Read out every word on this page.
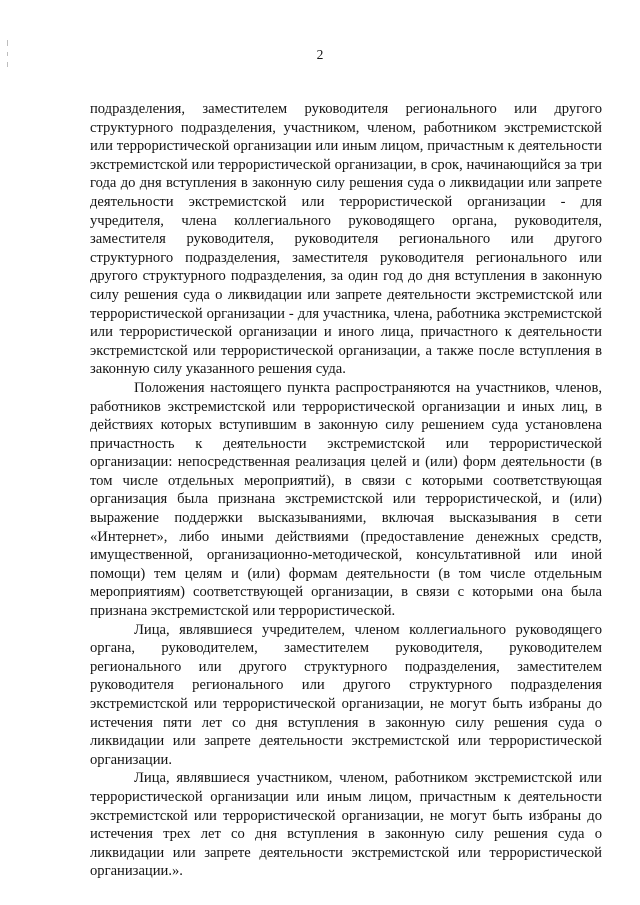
2

подразделения, заместителем руководителя регионального или другого структурного подразделения, участником, членом, работником экстремистской или террористической организации или иным лицом, причастным к деятельности экстремистской или террористической организации, в срок, начинающийся за три года до дня вступления в законную силу решения суда о ликвидации или запрете деятельности экстремистской или террористической организации - для учредителя, члена коллегиального руководящего органа, руководителя, заместителя руководителя, руководителя регионального или другого структурного подразделения, заместителя руководителя регионального или другого структурного подразделения, за один год до дня вступления в законную силу решения суда о ликвидации или запрете деятельности экстремистской или террористической организации - для участника, члена, работника экстремистской или террористической организации и иного лица, причастного к деятельности экстремистской или террористической организации, а также после вступления в законную силу указанного решения суда.

Положения настоящего пункта распространяются на участников, членов, работников экстремистской или террористической организации и иных лиц, в действиях которых вступившим в законную силу решением суда установлена причастность к деятельности экстремистской или террористической организации: непосредственная реализация целей и (или) форм деятельности (в том числе отдельных мероприятий), в связи с которыми соответствующая организация была признана экстремистской или террористической, и (или) выражение поддержки высказываниями, включая высказывания в сети «Интернет», либо иными действиями (предоставление денежных средств, имущественной, организационно-методической, консультативной или иной помощи) тем целям и (или) формам деятельности (в том числе отдельным мероприятиям) соответствующей организации, в связи с которыми она была признана экстремистской или террористической.

Лица, являвшиеся учредителем, членом коллегиального руководящего органа, руководителем, заместителем руководителя, руководителем регионального или другого структурного подразделения, заместителем руководителя регионального или другого структурного подразделения экстремистской или террористической организации, не могут быть избраны до истечения пяти лет со дня вступления в законную силу решения суда о ликвидации или запрете деятельности экстремистской или террористической организации.

Лица, являвшиеся участником, членом, работником экстремистской или террористической организации или иным лицом, причастным к деятельности экстремистской или террористической организации, не могут быть избраны до истечения трех лет со дня вступления в законную силу решения суда о ликвидации или запрете деятельности экстремистской или террористической организации.».
